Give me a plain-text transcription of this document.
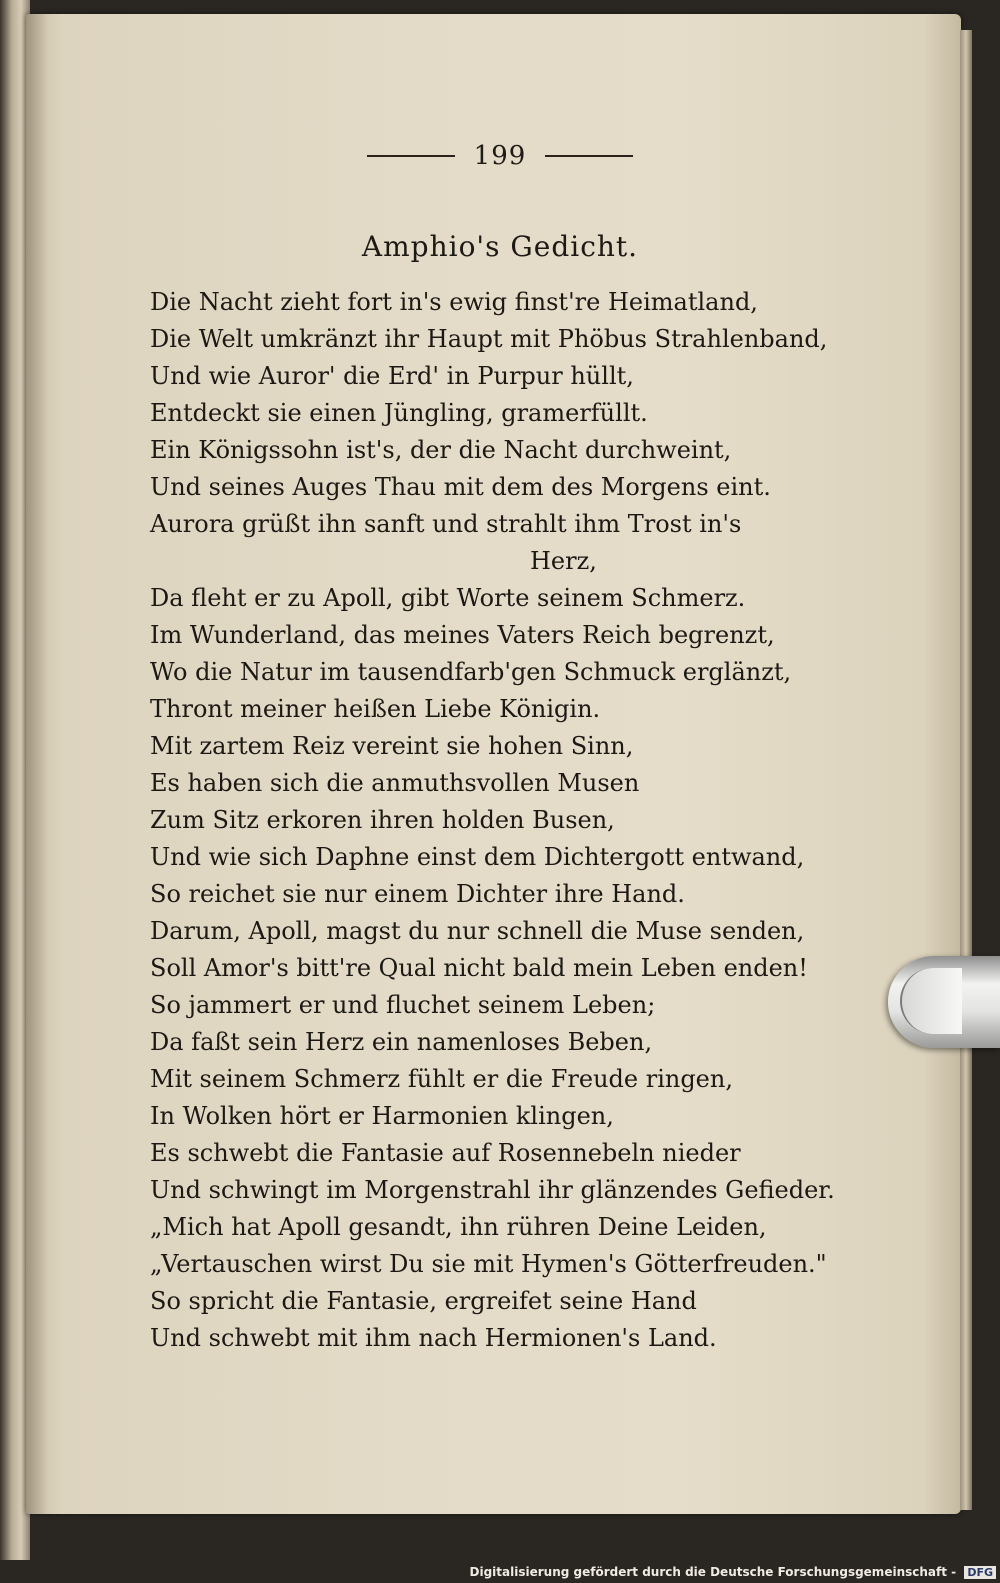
199
Amphio's Gedicht.
Die Nacht zieht fort in's ewig finst're Heimatland,
Die Welt umkränzt ihr Haupt mit Phöbus Strahlenband,
Und wie Auror' die Erd' in Purpur hüllt,
Entdeckt sie einen Jüngling, gramerfüllt.
Ein Königssohn ist's, der die Nacht durchweint,
Und seines Auges Thau mit dem des Morgens eint.
Aurora grüßt ihn sanft und strahlt ihm Trost in's
Herz,
Da fleht er zu Apoll, gibt Worte seinem Schmerz.
Im Wunderland, das meines Vaters Reich begrenzt,
Wo die Natur im tausendfarb'gen Schmuck erglänzt,
Thront meiner heißen Liebe Königin.
Mit zartem Reiz vereint sie hohen Sinn,
Es haben sich die anmuthsvollen Musen
Zum Sitz erkoren ihren holden Busen,
Und wie sich Daphne einst dem Dichtergott entwand,
So reichet sie nur einem Dichter ihre Hand.
Darum, Apoll, magst du nur schnell die Muse senden,
Soll Amor's bitt're Qual nicht bald mein Leben enden!
So jammert er und fluchet seinem Leben;
Da faßt sein Herz ein namenloses Beben,
Mit seinem Schmerz fühlt er die Freude ringen,
In Wolken hört er Harmonien klingen,
Es schwebt die Fantasie auf Rosennebeln nieder
Und schwingt im Morgenstrahl ihr glänzendes Gefieder.
„Mich hat Apoll gesandt, ihn rühren Deine Leiden,
„Vertauschen wirst Du sie mit Hymen's Götterfreuden."
So spricht die Fantasie, ergreifet seine Hand
Und schwebt mit ihm nach Hermionen's Land.
Digitalisierung gefördert durch die Deutsche Forschungsgemeinschaft - DFG
